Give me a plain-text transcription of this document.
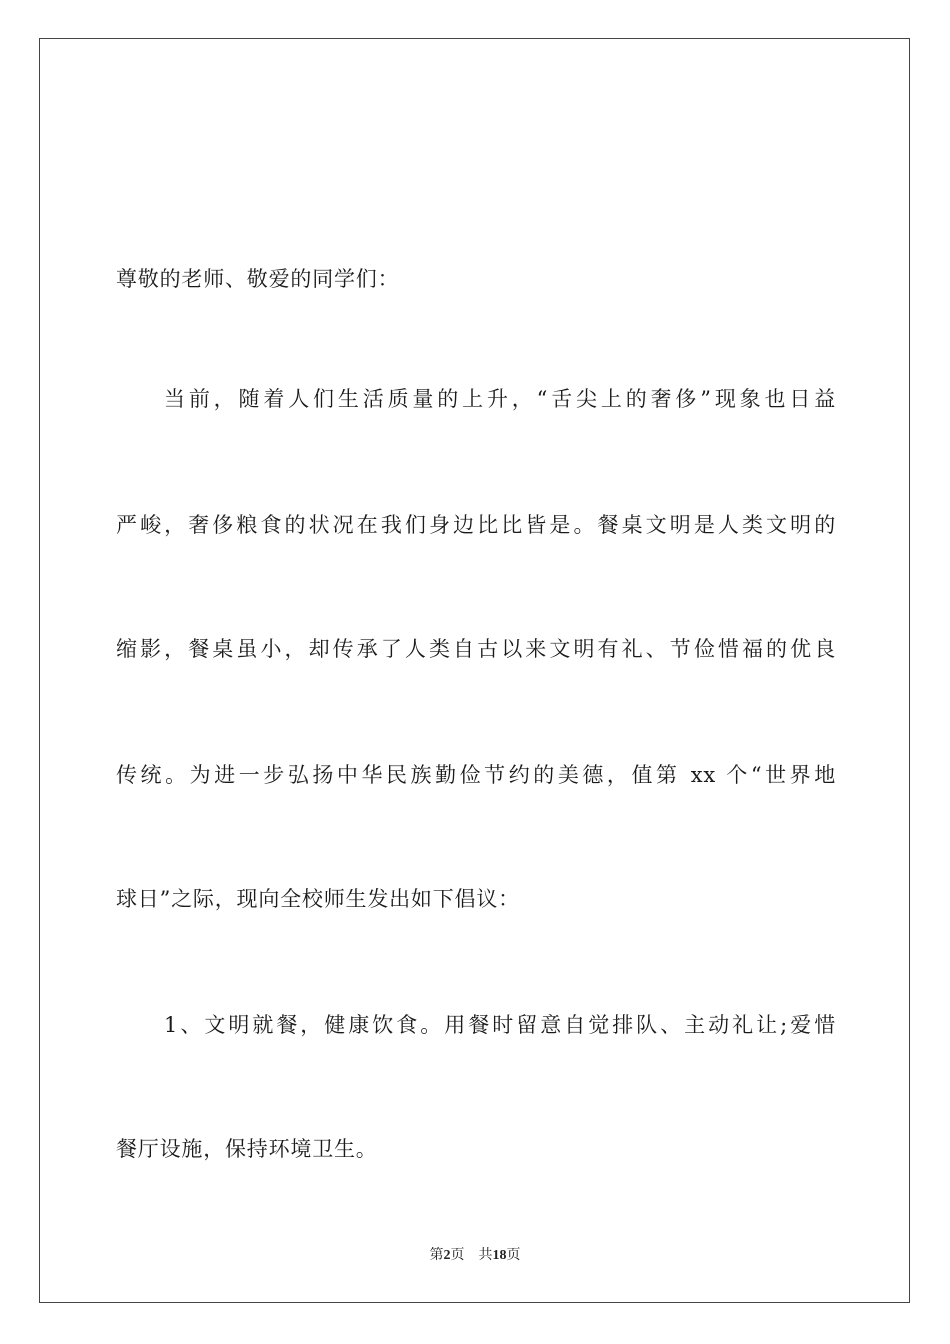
尊敬的老师、敬爱的同学们：
当前，随着人们生活质量的上升，“舌尖上的奢侈”现象也日益
严峻，奢侈粮食的状况在我们身边比比皆是。餐桌文明是人类文明的
缩影，餐桌虽小，却传承了人类自古以来文明有礼、节俭惜福的优良
传统。为进一步弘扬中华民族勤俭节约的美德，值第 xx 个“世界地
球日”之际，现向全校师生发出如下倡议：
1、文明就餐，健康饮食。用餐时留意自觉排队、主动礼让;爱惜
餐厅设施，保持环境卫生。
第2页 共18页
